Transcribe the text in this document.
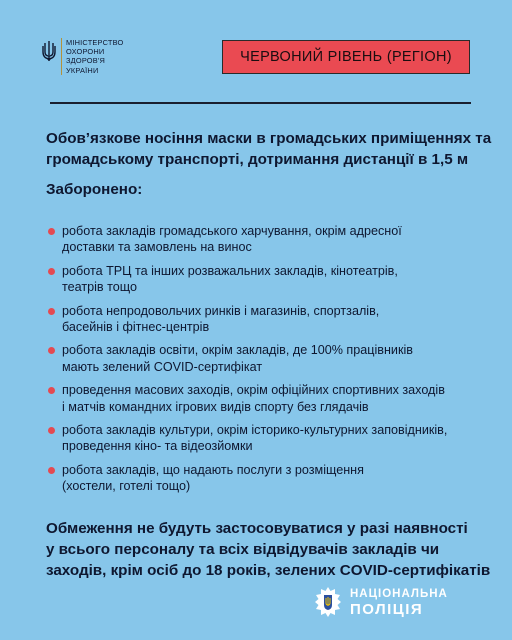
МІНІСТЕРСТВО
ОХОРОНИ
ЗДОРОВ'Я
УКРАЇНИ
ЧЕРВОНИЙ РІВЕНЬ (РЕГІОН)
Обов’язкове носіння маски в громадських приміщеннях та
громадському транспорті, дотримання дистанції в 1,5 м
Заборонено:
робота закладів громадського харчування, окрім адресної
доставки та замовлень на винос
робота ТРЦ та інших розважальних закладів, кінотеатрів,
театрів тощо
робота непродовольчих ринків і магазинів, спортзалів,
басейнів і фітнес-центрів
робота закладів освіти, окрім закладів, де 100% працівників
мають зелений COVID-сертифікат
проведення масових заходів, окрім офіційних спортивних заходів
і матчів командних ігрових видів спорту без глядачів
робота закладів культури, окрім історико-культурних заповідників,
проведення кіно- та відеозйомки
робота закладів, що надають послуги з розміщення
(хостели, готелі тощо)
Обмеження не будуть застосовуватися у разі наявності
у всього персоналу та всіх відвідувачів закладів чи
заходів, крім осіб до 18 років, зелених COVID-сертифікатів
НАЦІОНАЛЬНА
ПОЛІЦІЯ
